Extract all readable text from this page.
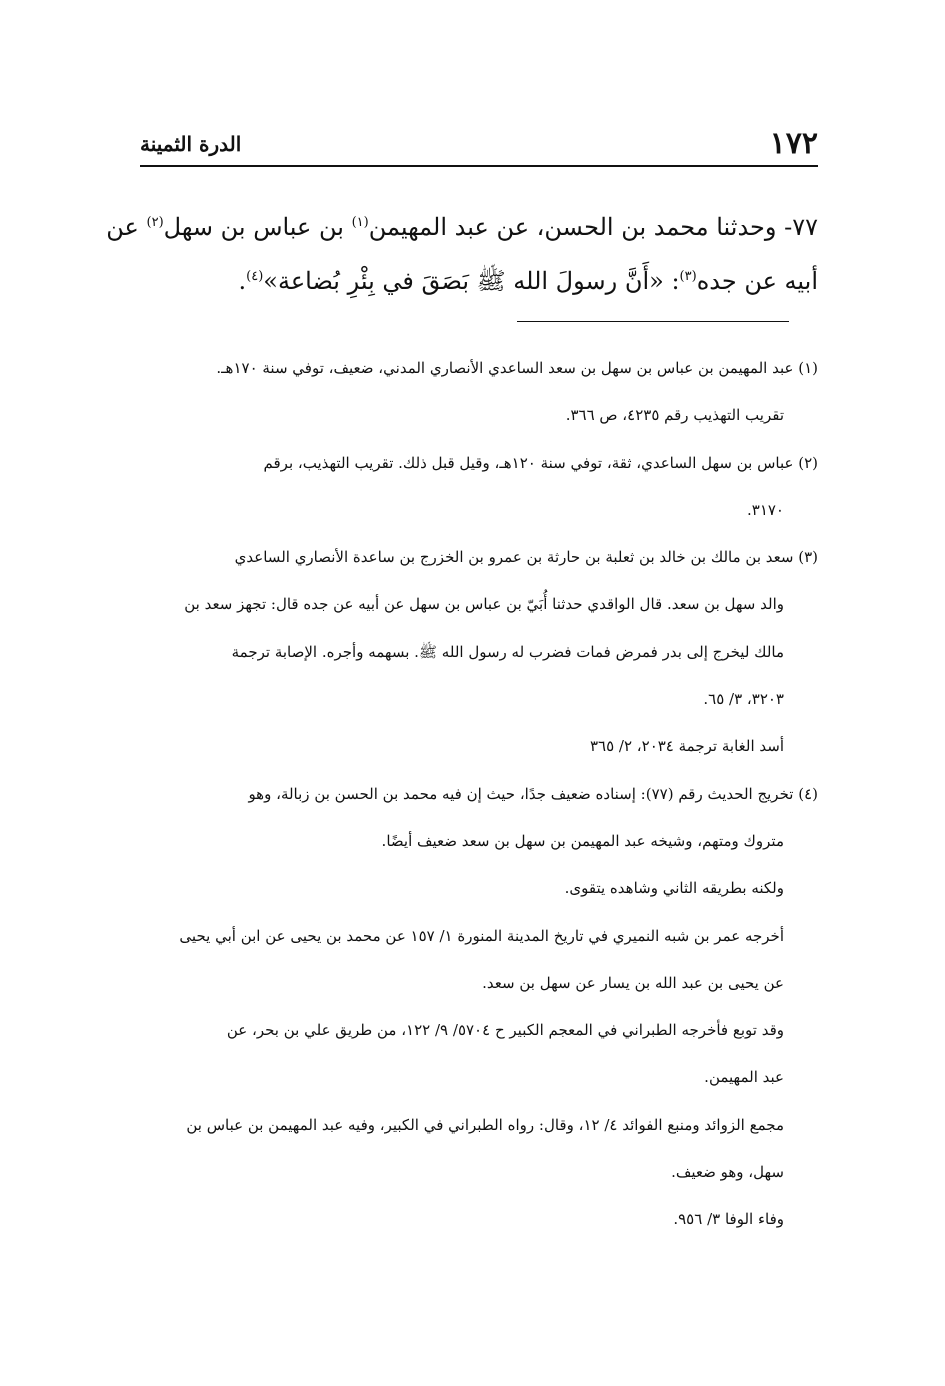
١٧٢
الدرة الثمينة
٧٧- وحدثنا محمد بن الحسن، عن عبد المهيمن$^{(١)}$ بن عباس بن سهل$^{(٢)}$ عن
أبيه عن جده$^{(٣)}$: «أَنَّ رسولَ الله ﷺ بَصَقَ في بِئْرِ بُضاعة»$^{(٤)}$.
(١) عبد المهيمن بن عباس بن سهل بن سعد الساعدي الأنصاري المدني، ضعيف، توفي سنة ١٧٠هـ.
تقريب التهذيب رقم ٤٢٣٥، ص ٣٦٦.
(٢) عباس بن سهل الساعدي، ثقة، توفي سنة ١٢٠هـ، وقيل قبل ذلك. تقريب التهذيب، برقم
٣١٧٠.
(٣) سعد بن مالك بن خالد بن ثعلبة بن حارثة بن عمرو بن الخزرج بن ساعدة الأنصاري الساعدي
والد سهل بن سعد. قال الواقدي حدثنا أُبَيّ بن عباس بن سهل عن أبيه عن جده قال: تجهز سعد بن
مالك ليخرج إلى بدر فمرض فمات فضرب له رسول الله ﷺ. بسهمه وأجره. الإصابة ترجمة
٣٢٠٣، ٣/ ٦٥.
أسد الغابة ترجمة ٢٠٣٤، ٢/ ٣٦٥
(٤) تخريج الحديث رقم (٧٧): إسناده ضعيف جدًا، حيث إن فيه محمد بن الحسن بن زبالة، وهو
متروك ومتهم، وشيخه عبد المهيمن بن سهل بن سعد ضعيف أيضًا.
ولكنه بطريقه الثاني وشاهده يتقوى.
أخرجه عمر بن شبه النميري في تاريخ المدينة المنورة ١/ ١٥٧ عن محمد بن يحيى عن ابن أبي يحيى
عن يحيى بن عبد الله بن يسار عن سهل بن سعد.
وقد توبع فأخرجه الطبراني في المعجم الكبير ح ٥٧٠٤/ ٩/ ١٢٢، من طريق علي بن بحر، عن
عبد المهيمن.
مجمع الزوائد ومنبع الفوائد ٤/ ١٢، وقال: رواه الطبراني في الكبير، وفيه عبد المهيمن بن عباس بن
سهل، وهو ضعيف.
وفاء الوفا ٣/ ٩٥٦.
